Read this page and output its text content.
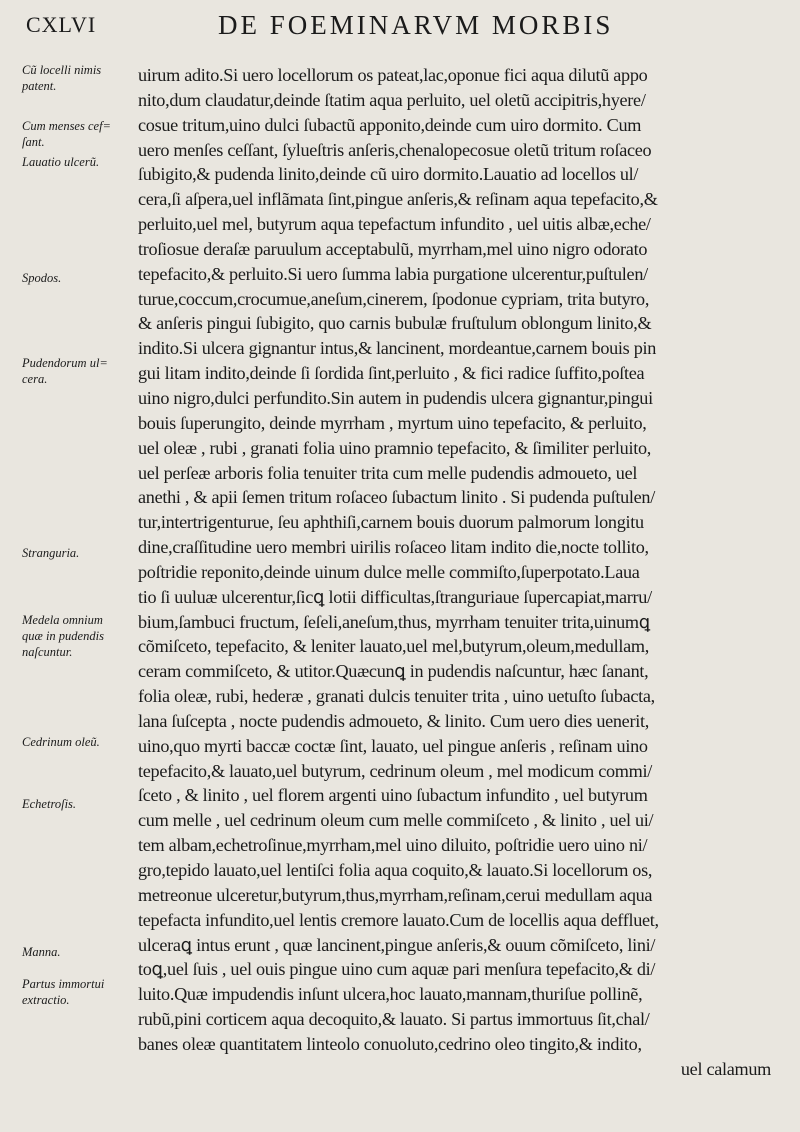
CXLVI	DE FOEMINARVM MORBIS
Cũ locelli nimis
patent.
Cum menses cef=
ſant.
Lauatio ulcerũ.
Spodos.
Pudendorum ul=
cera.
Stranguria.
Medela omnium
quæ in pudendis
naſcuntur.
Cedrinum oleũ.
Echetroſis.
Manna.
Partus immortui
extractio.
uirum adito.Si uero locellorum os pateat,lac,oponue fici aqua dilutũ appo
nito,dum claudatur,deinde ſtatim aqua perluito, uel oletũ accipitris,hyere/
cosue tritum,uino dulci ſubactũ apponito,deinde cum uiro dormito. Cum
uero menſes ceſſant, ſylueſtris anſeris,chenalopecosue oletũ tritum roſaceo
ſubigito,& pudenda linito,deinde cũ uiro dormito.Lauatio ad locellos ul/
cera,ſi aſpera,uel inflãmata ſint,pingue anſeris,& reſinam aqua tepefacito,&
perluito,uel mel, butyrum aqua tepefactum infundito , uel uitis albæ,eche/
troſiosue deraſæ paruulum acceptabulũ, myrrham,mel uino nigro odorato
tepefacito,& perluito.Si uero ſumma labia purgatione ulcerentur,puſtulen/
turue,coccum,crocumue,aneſum,cinerem, ſpodonue cypriam, trita butyro,
& anſeris pingui ſubigito, quo carnis bubulæ fruſtulum oblongum linito,&
indito.Si ulcera gignantur intus,& lancinent, mordeantue,carnem bouis pin
gui litam indito,deinde ſi ſordida ſint,perluito , & fici radice ſuffito,poſtea
uino nigro,dulci perfundito.Sin autem in pudendis ulcera gignantur,pingui
bouis ſuperungito, deinde myrrham , myrtum uino tepefacito, & perluito,
uel oleæ , rubi , granati folia uino pramnio tepefacito, & ſimiliter perluito,
uel perſeæ arboris folia tenuiter trita cum melle pudendis admoueto, uel
anethi , & apii ſemen tritum roſaceo ſubactum linito . Si pudenda puſtulen/
tur,intertrigenturue, ſeu aphthiſi,carnem bouis duorum palmorum longitu
dine,craſſitudine uero membri uirilis roſaceo litam indito die,nocte tollito,
poſtridie reponito,deinde uinum dulce melle commiſto,ſuperpotato.Laua
tio ſi uuluæ ulcerentur,ſicꝗ lotii difficultas,ſtranguriaue ſupercapiat,marru/
bium,ſambuci fructum, ſeſeli,aneſum,thus, myrrham tenuiter trita,uinumꝗ
cõmiſceto, tepefacito, & leniter lauato,uel mel,butyrum,oleum,medullam,
ceram commiſceto, & utitor.Quæcunꝗ in pudendis naſcuntur, hæc ſanant,
folia oleæ, rubi, hederæ , granati dulcis tenuiter trita , uino uetuſto ſubacta,
lana ſuſcepta , nocte pudendis admoueto, & linito. Cum uero dies uenerit,
uino,quo myrti baccæ coctæ ſint, lauato, uel pingue anſeris , reſinam uino
tepefacito,& lauato,uel butyrum, cedrinum oleum , mel modicum commi/
ſceto , & linito , uel florem argenti uino ſubactum infundito , uel butyrum
cum melle , uel cedrinum oleum cum melle commiſceto , & linito , uel ui/
tem albam,echetroſinue,myrrham,mel uino diluito, poſtridie uero uino ni/
gro,tepido lauato,uel lentiſci folia aqua coquito,& lauato.Si locellorum os,
metreonue ulceretur,butyrum,thus,myrrham,reſinam,cerui medullam aqua
tepefacta infundito,uel lentis cremore lauato.Cum de locellis aqua deffluet,
ulceraꝗ intus erunt , quæ lancinent,pingue anſeris,& ouum cõmiſceto, lini/
toꝗ,uel ſuis , uel ouis pingue uino cum aquæ pari menſura tepefacito,& di/
luito.Quæ impudendis inſunt ulcera,hoc lauato,mannam,thuriſue pollinẽ,
rubũ,pini corticem aqua decoquito,& lauato. Si partus immortuus ſit,chal/
banes oleæ quantitatem linteolo conuoluto,cedrino oleo tingito,& indito,
uel calamum
